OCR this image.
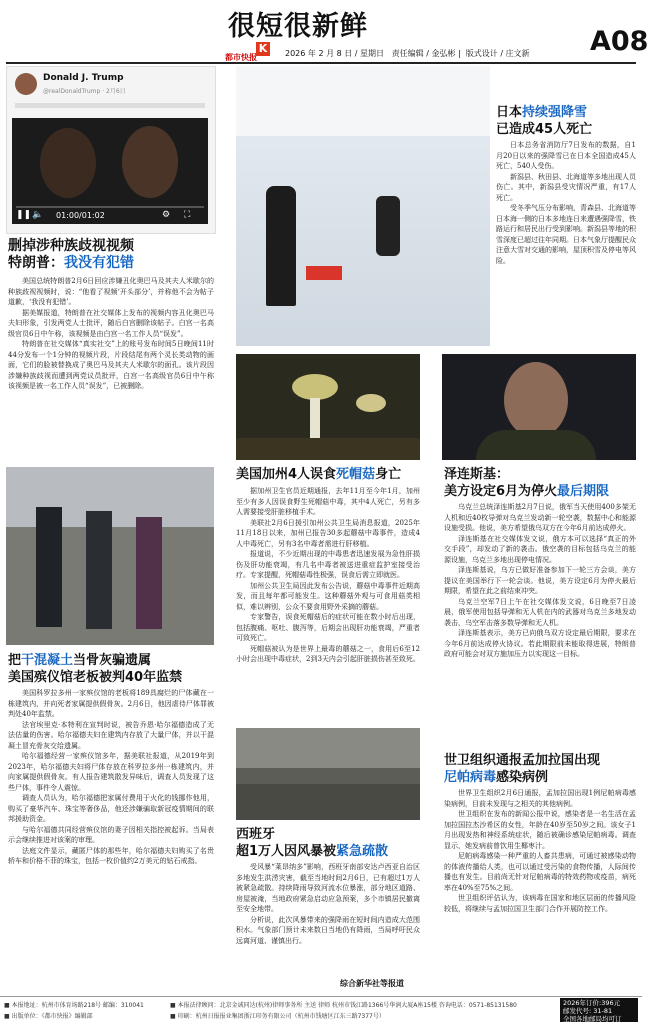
很短很新鲜
K
都市快报	2026 年 2 月 8 日 / 星期日 责任编辑 / 金弘彬 |  版式设计 / 庄文新 A08
Donald J. Trump
@realDonaldTrump · 2月6日
❚❚ 🔈 01:00/01:02	⚙ ⛶
删掉涉种族歧视视频
特朗普：我没有犯错

美国总统特朗普2月6日回应涉嫌丑化奥巴马及其夫人米歇尔的种族歧视视频时，说：“他看了视频‘开头部分’，并称他不会为帖子道歉，‘我没有犯错’。

据美媒报道，特朗普在社交媒体上发布的视频内容丑化奥巴马夫妇形象，引发两党人士批评，随后白宫删除该帖子。白宫一名高级官员6日中午称，该视频是由白宫一名工作人员“误发”。

特朗普在社交媒体“真实社交”上的账号发布时间5日晚间11时44分发布一个1分钟的视频片段，片段结尾有两个灵长类动物的画面，它们的脸被替换成了奥巴马及其夫人米歇尔的面孔。该片段因涉嫌种族歧视而遭到两党议员批评，白宫一名高级官员6日中午称该视频是被一名工作人员“误发”，已被删除。

日本持续强降雪
已造成45人死亡

日本总务省消防厅7日发布的数据，自1月20日以来的强降雪已在日本全国造成45人死亡，540人受伤。

新潟县、秋田县、北海道等多地出现人员伤亡。其中，新潟县受灾情况严重，有17人死亡。

受冬季气压分布影响，青森县、北海道等日本海一侧的日本多地连日来遭遇强降雪，铁路运行和居民出行受到影响。新潟县等地的积雪深度已超过往年同期。日本气象厅提醒民众注意大雪对交通的影响，屋顶积雪及停电等风险。

美国加州4人误食死帽菇身亡

据加州卫生官员近期通报，去年11月至今年1月，加州至少有多人因误食野生死帽菇中毒，其中4人死亡，另有多人需要接受肝脏移植手术。

美联社2月6日援引加州公共卫生局消息报道，2025年11月18日以来，加州已报告30多起蘑菇中毒事件，造成4人中毒死亡，另有3名中毒者需进行肝移植。

报道说，不少近期出现的中毒患者迅速发展为急性肝损伤及肝功能衰竭，有几名中毒者被送进重症监护室接受治疗。专家提醒，死帽菇毒性极强，误食后需立即就医。

加州公共卫生局因此发布公告说，蘑菇中毒事件近期高发，而且每年都可能发生。这种蘑菇外观与可食用菇类相似，难以辨别，公众不要食用野外采摘的蘑菇。

专家警告，误食死帽菇后的症状可能在数小时后出现，包括腹痛、呕吐、腹泻等，后期会出现肝功能衰竭，严重者可致死亡。

死帽菇被认为是世界上最毒的蘑菇之一，食用后6至12小时会出现中毒症状，2到3天内会引起肝脏损伤甚至致死。

泽连斯基：
美方设定6月为停火最后期限

乌克兰总统泽连斯基2月7日说，俄军当天使用400多架无人机和近40枚导弹对乌克兰发动新一轮空袭，数据中心和能源设施受损。他说，美方希望俄乌双方在今年6月前达成停火。

泽连斯基在社交媒体发文说，俄方本可以选择“真正的外交手段”，却发动了新的袭击。俄空袭的目标包括乌克兰的能源设施，乌克兰多地出现停电情况。

泽连斯基说，乌方已做好准备参加下一轮三方会谈，美方提议在美国举行下一轮会谈。他说，美方设定6月为停火最后期限，希望在此之前结束冲突。

乌克兰空军7日上午在社交媒体发文说，6日晚至7日凌晨，俄军使用包括导弹和无人机在内的武器对乌克兰多地发动袭击，乌空军击落多数导弹和无人机。

泽连斯基表示，美方已向俄乌双方设定最后期限，要求在今年6月前达成停火协议。若此期限前未能取得进展，特朗普政府可能会对双方施加压力以实现这一目标。

把干混凝土当骨灰骗遗属
美国殡仪馆老板被判40年监禁

美国科罗拉多州一家殡仪馆的老板将189具腐烂的尸体藏在一栋建筑内，并向死者家属提供假骨灰。2月6日，他因虐待尸体罪被判处40年监禁。

法官埃里克·本特利在宣判时说，被告乔恩·哈尔福德造成了无法估量的伤害。哈尔福德夫妇在建筑内存放了大量尸体，并以干混凝土冒充骨灰交给遗属。

哈尔福德经营一家殡仪馆多年，据美联社报道，从2019年到2023年，哈尔福德夫妇将尸体存放在科罗拉多州一栋建筑内，并向家属提供假骨灰。有人报告建筑散发异味后，调查人员发现了这些尸体，事件令人震惊。

调查人员认为，哈尔福德把家属付费用于火化的钱挪作他用，购买了豪华汽车、珠宝等奢侈品，他还涉嫌骗取新冠疫情期间的联邦援助资金。

与哈尔福德共同经营殡仪馆的妻子因相关指控被起诉。当局表示会继续推进对该案的审理。

法庭文件显示，藏匿尸体的那些年，哈尔福德夫妇购买了名贵轿车和价格不菲的珠宝，包括一枚价值约2万美元的钻石戒指。

西班牙
超1万人因风暴被紧急疏散

受风暴“莱昂纳多”影响，西班牙南部安达卢西亚自治区多地发生洪涝灾害，截至当地时间2月6日，已有超过1万人被紧急疏散。持续降雨导致河流水位暴涨，部分地区道路、房屋被淹，当地政府紧急启动应急预案，多个市镇居民撤离至安全地带。

分析说，此次风暴带来的强降雨在短时间内造成大范围积水。气象部门预计未来数日当地仍有降雨，当局呼吁民众远离河道、谨慎出行。

综合新华社等报道
世卫组织通报孟加拉国出现
尼帕病毒感染病例

世界卫生组织2月6日通报，孟加拉国出现1例尼帕病毒感染病例，目前未发现与之相关的其他病例。

世卫组织在发布的新闻公报中说，感染者是一名生活在孟加拉国拉杰沙希区的女性，年龄在40岁至50岁之间。该女子1月出现发热和神经系统症状，随后被确诊感染尼帕病毒。调查显示，她发病前曾饮用生椰枣汁。

尼帕病毒感染一种严重的人畜共患病，可通过被感染动物的体液传播给人类，也可以通过受污染的食物传播，人际间传播也有发生。目前尚无针对尼帕病毒的特效药物或疫苗，病死率在40%至75%之间。

世卫组织评估认为，该病毒在国家和地区层面的传播风险较低，将继续与孟加拉国卫生部门合作开展防控工作。

■ 本报地址：杭州市体育场路218号 邮编：310041	■ 本报法律顾问：北京金诚同达(杭州)律师事务所 主送 律师 杭州市钱江路1366号华润大厦A座15楼 咨询电话：0571-85131580
■ 出版单位：《都市快报》编辑部	■ 印刷：杭州日报报业集团浙江印务有限公司（杭州市钱塘区江东三路7377号）
2026年订价:396元
邮发代号: 31-81
全国各地邮局均可订
